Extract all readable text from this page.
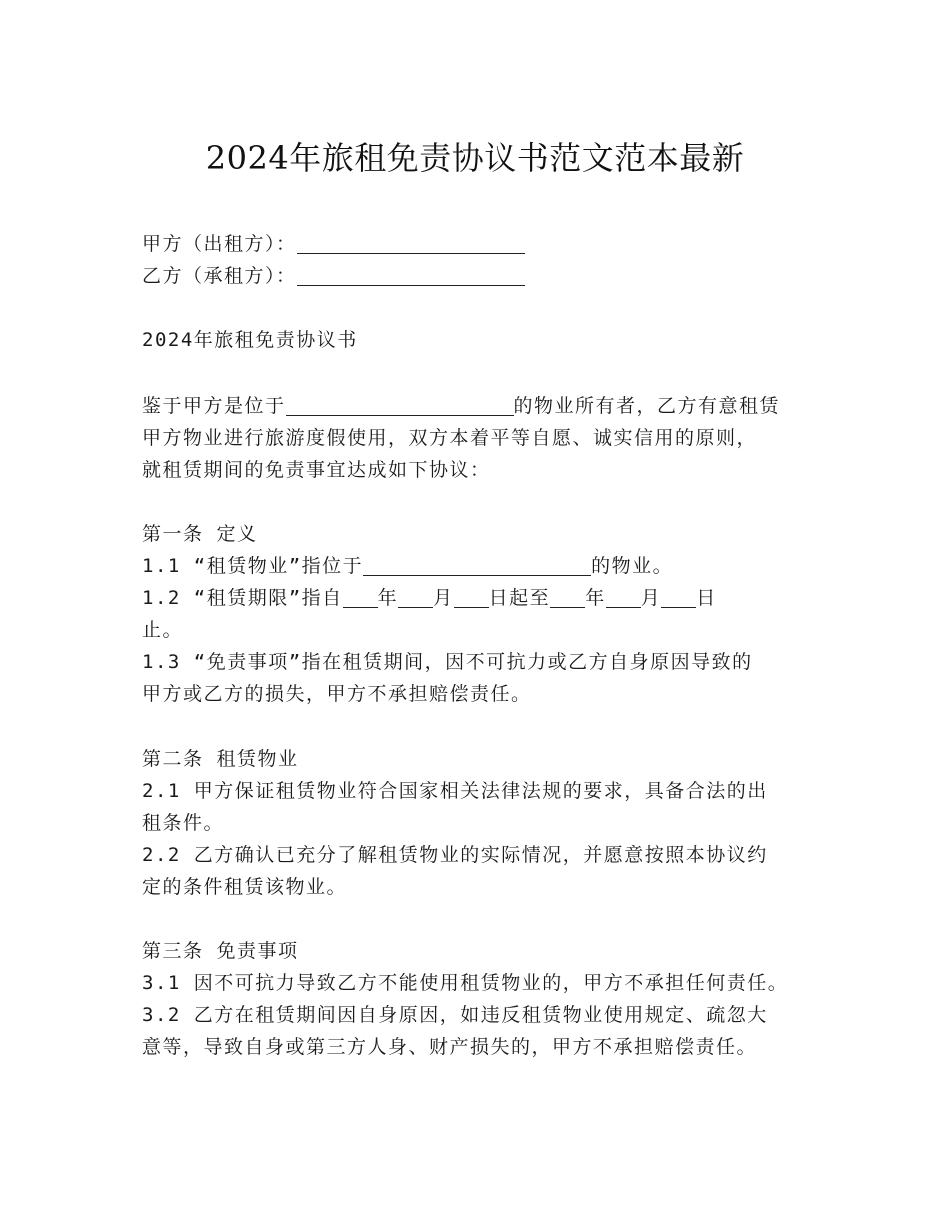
2024年旅租免责协议书范文范本最新
甲方（出租方）：
乙方（承租方）：
2024年旅租免责协议书
鉴于甲方是位于	的物业所有者，乙方有意租赁
甲方物业进行旅游度假使用，双方本着平等自愿、诚实信用的原则，
就租赁期间的免责事宜达成如下协议：
第一条 定义
1.1 “租赁物业”指位于	的物业。
1.2 “租赁期限”指自 年 月 日起至 年 月 日
止。
1.3 “免责事项”指在租赁期间，因不可抗力或乙方自身原因导致的
甲方或乙方的损失，甲方不承担赔偿责任。
第二条 租赁物业
2.1 甲方保证租赁物业符合国家相关法律法规的要求，具备合法的出
租条件。
2.2 乙方确认已充分了解租赁物业的实际情况，并愿意按照本协议约
定的条件租赁该物业。
第三条 免责事项
3.1 因不可抗力导致乙方不能使用租赁物业的，甲方不承担任何责任。
3.2 乙方在租赁期间因自身原因，如违反租赁物业使用规定、疏忽大
意等，导致自身或第三方人身、财产损失的，甲方不承担赔偿责任。
